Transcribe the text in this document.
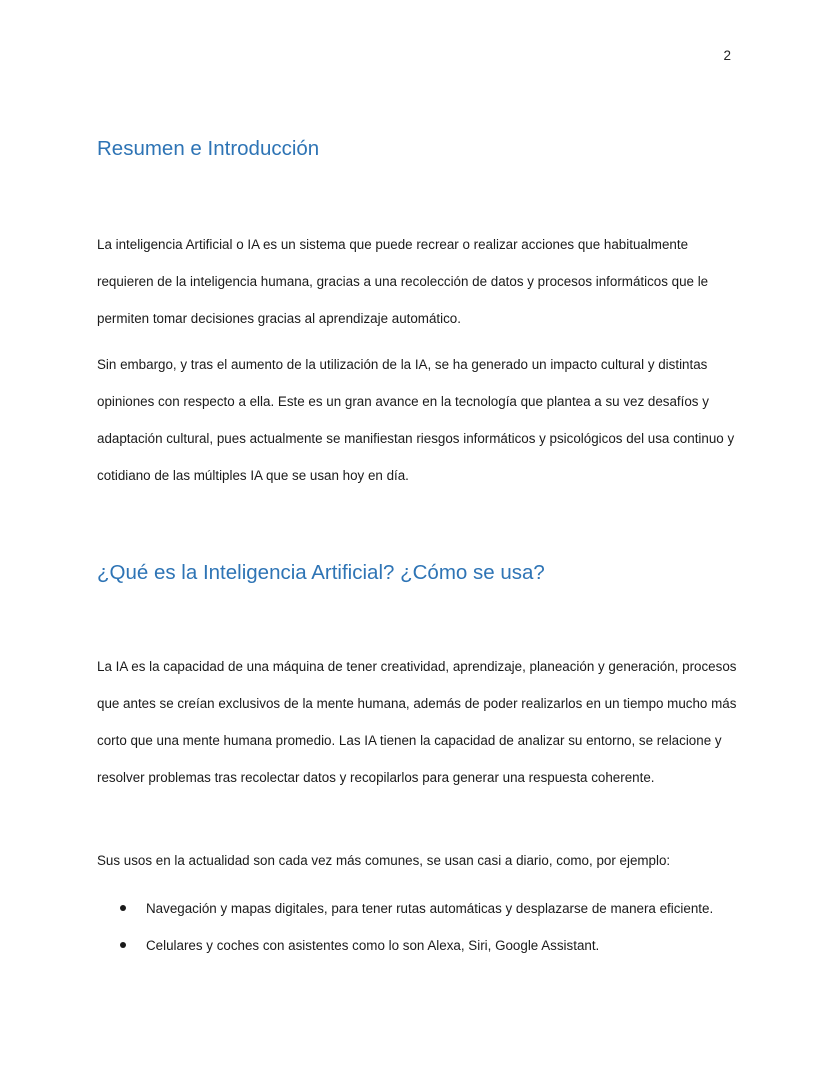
2
Resumen e Introducción

La inteligencia Artificial o IA es un sistema que puede recrear o realizar acciones que habitualmente requieren de la inteligencia humana, gracias a una recolección de datos y procesos informáticos que le permiten tomar decisiones gracias al aprendizaje automático.

Sin embargo, y tras el aumento de la utilización de la IA, se ha generado un impacto cultural y distintas opiniones con respecto a ella. Este es un gran avance en la tecnología que plantea a su vez desafíos y adaptación cultural, pues actualmente se manifiestan riesgos informáticos y psicológicos del usa continuo y cotidiano de las múltiples IA que se usan hoy en día.

¿Qué es la Inteligencia Artificial? ¿Cómo se usa?

La IA es la capacidad de una máquina de tener creatividad, aprendizaje, planeación y generación, procesos que antes se creían exclusivos de la mente humana, además de poder realizarlos en un tiempo mucho más corto que una mente humana promedio. Las IA tienen la capacidad de analizar su entorno, se relacione y resolver problemas tras recolectar datos y recopilarlos para generar una respuesta coherente.

Sus usos en la actualidad son cada vez más comunes, se usan casi a diario, como, por ejemplo:

Navegación y mapas digitales, para tener rutas automáticas y desplazarse de manera eficiente.
Celulares y coches con asistentes como lo son Alexa, Siri, Google Assistant.
